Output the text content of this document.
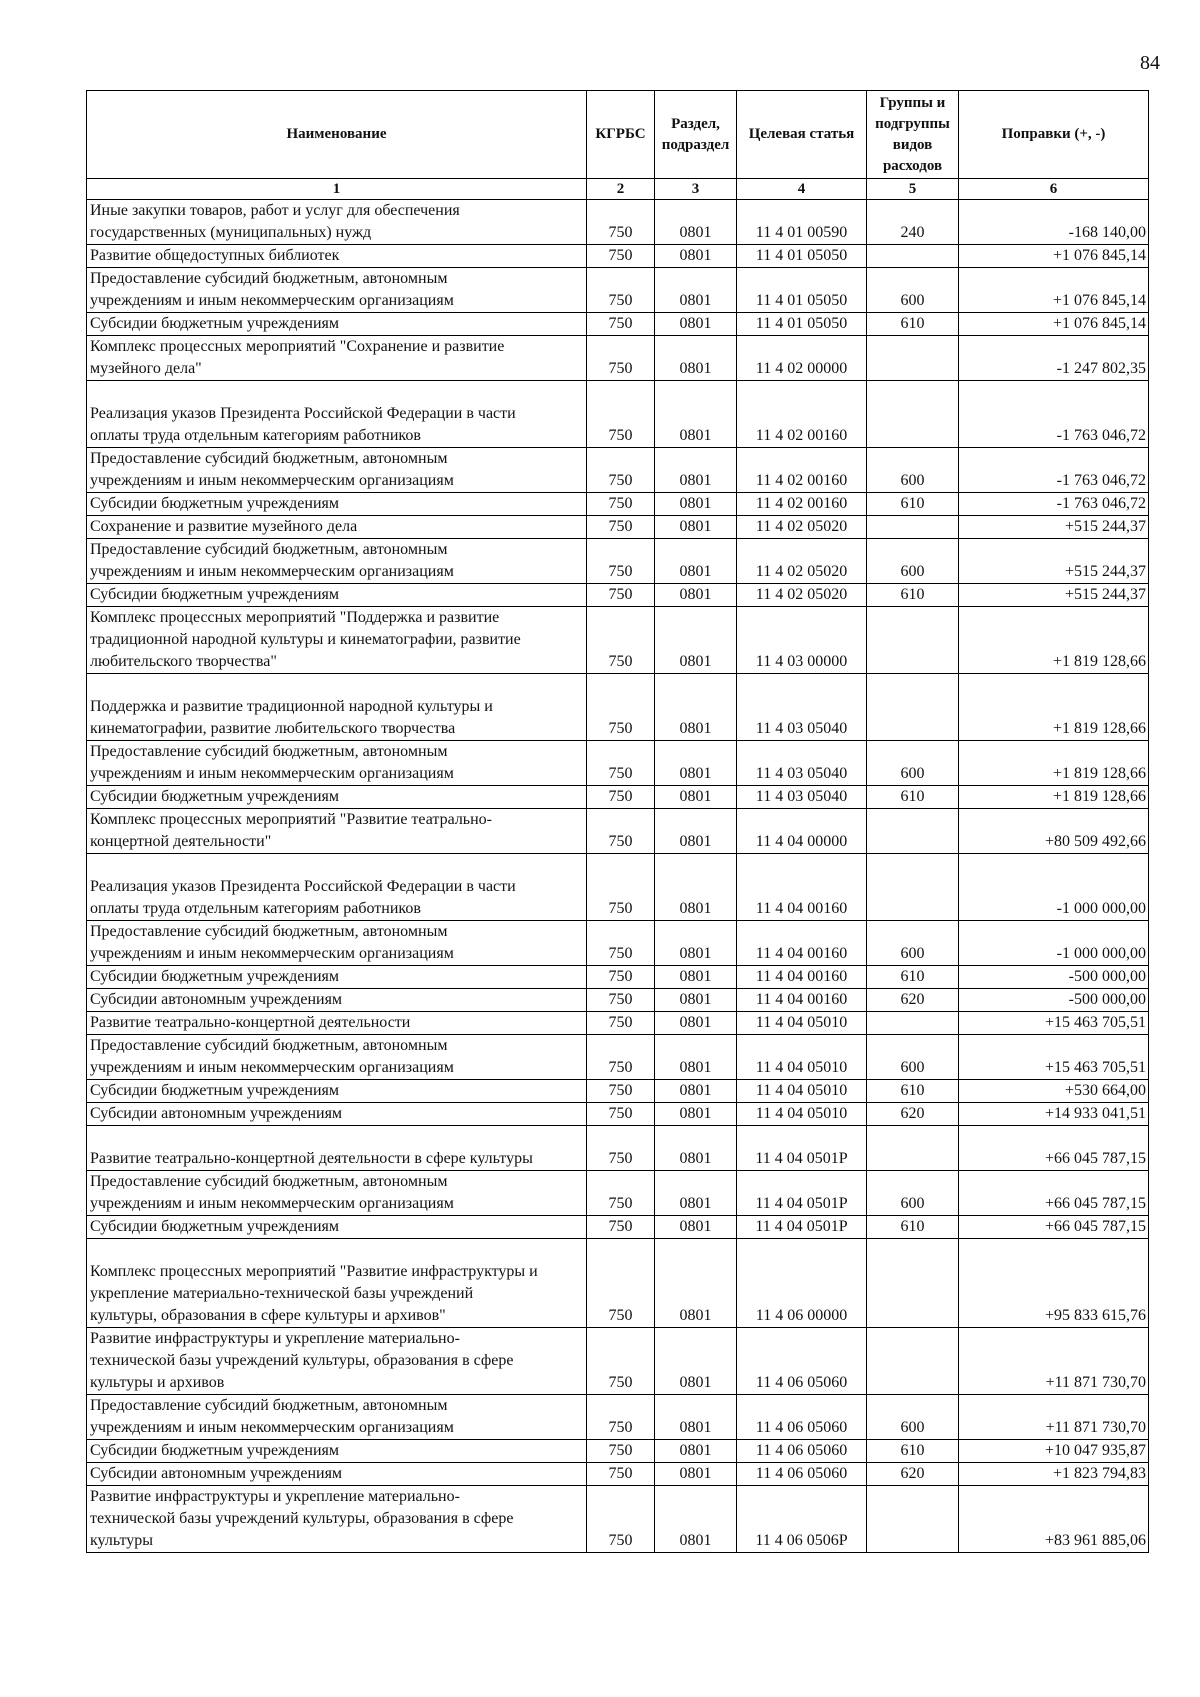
84
Наименование	КГРБС	Раздел, подраздел	Целевая статья	Группы и подгруппы видов расходов	Поправки (+, -)
1	2	3	4	5	6
Иные закупки товаров, работ и услуг для обеспечения
государственных (муниципальных) нужд	750	0801	11 4 01 00590	240	-168 140,00
Развитие общедоступных библиотек	750	0801	11 4 01 05050		+1 076 845,14
Предоставление субсидий бюджетным, автономным
учреждениям и иным некоммерческим организациям	750	0801	11 4 01 05050	600	+1 076 845,14
Субсидии бюджетным учреждениям	750	0801	11 4 01 05050	610	+1 076 845,14
Комплекс процессных мероприятий "Сохранение и развитие
музейного дела"	750	0801	11 4 02 00000		-1 247 802,35

Реализация указов Президента Российской Федерации в части
оплаты труда отдельным категориям работников	750	0801	11 4 02 00160		-1 763 046,72
Предоставление субсидий бюджетным, автономным
учреждениям и иным некоммерческим организациям	750	0801	11 4 02 00160	600	-1 763 046,72
Субсидии бюджетным учреждениям	750	0801	11 4 02 00160	610	-1 763 046,72
Сохранение и развитие музейного дела	750	0801	11 4 02 05020		+515 244,37
Предоставление субсидий бюджетным, автономным
учреждениям и иным некоммерческим организациям	750	0801	11 4 02 05020	600	+515 244,37
Субсидии бюджетным учреждениям	750	0801	11 4 02 05020	610	+515 244,37
Комплекс процессных мероприятий "Поддержка и развитие
традиционной народной культуры и кинематографии, развитие
любительского творчества"	750	0801	11 4 03 00000		+1 819 128,66

Поддержка и развитие традиционной народной культуры и
кинематографии, развитие любительского творчества	750	0801	11 4 03 05040		+1 819 128,66
Предоставление субсидий бюджетным, автономным
учреждениям и иным некоммерческим организациям	750	0801	11 4 03 05040	600	+1 819 128,66
Субсидии бюджетным учреждениям	750	0801	11 4 03 05040	610	+1 819 128,66
Комплекс процессных мероприятий "Развитие театрально-
концертной деятельности"	750	0801	11 4 04 00000		+80 509 492,66

Реализация указов Президента Российской Федерации в части
оплаты труда отдельным категориям работников	750	0801	11 4 04 00160		-1 000 000,00
Предоставление субсидий бюджетным, автономным
учреждениям и иным некоммерческим организациям	750	0801	11 4 04 00160	600	-1 000 000,00
Субсидии бюджетным учреждениям	750	0801	11 4 04 00160	610	-500 000,00
Субсидии автономным учреждениям	750	0801	11 4 04 00160	620	-500 000,00
Развитие театрально-концертной деятельности	750	0801	11 4 04 05010		+15 463 705,51
Предоставление субсидий бюджетным, автономным
учреждениям и иным некоммерческим организациям	750	0801	11 4 04 05010	600	+15 463 705,51
Субсидии бюджетным учреждениям	750	0801	11 4 04 05010	610	+530 664,00
Субсидии автономным учреждениям	750	0801	11 4 04 05010	620	+14 933 041,51

Развитие театрально-концертной деятельности в сфере культуры	750	0801	11 4 04 0501P		+66 045 787,15
Предоставление субсидий бюджетным, автономным
учреждениям и иным некоммерческим организациям	750	0801	11 4 04 0501P	600	+66 045 787,15
Субсидии бюджетным учреждениям	750	0801	11 4 04 0501P	610	+66 045 787,15

Комплекс процессных мероприятий "Развитие инфраструктуры и
укрепление материально-технической базы учреждений
культуры, образования в сфере культуры и архивов"	750	0801	11 4 06 00000		+95 833 615,76
Развитие инфраструктуры и укрепление материально-
технической базы учреждений культуры, образования в сфере
культуры и архивов	750	0801	11 4 06 05060		+11 871 730,70
Предоставление субсидий бюджетным, автономным
учреждениям и иным некоммерческим организациям	750	0801	11 4 06 05060	600	+11 871 730,70
Субсидии бюджетным учреждениям	750	0801	11 4 06 05060	610	+10 047 935,87
Субсидии автономным учреждениям	750	0801	11 4 06 05060	620	+1 823 794,83
Развитие инфраструктуры и укрепление материально-
технической базы учреждений культуры, образования в сфере
культуры	750	0801	11 4 06 0506P		+83 961 885,06
